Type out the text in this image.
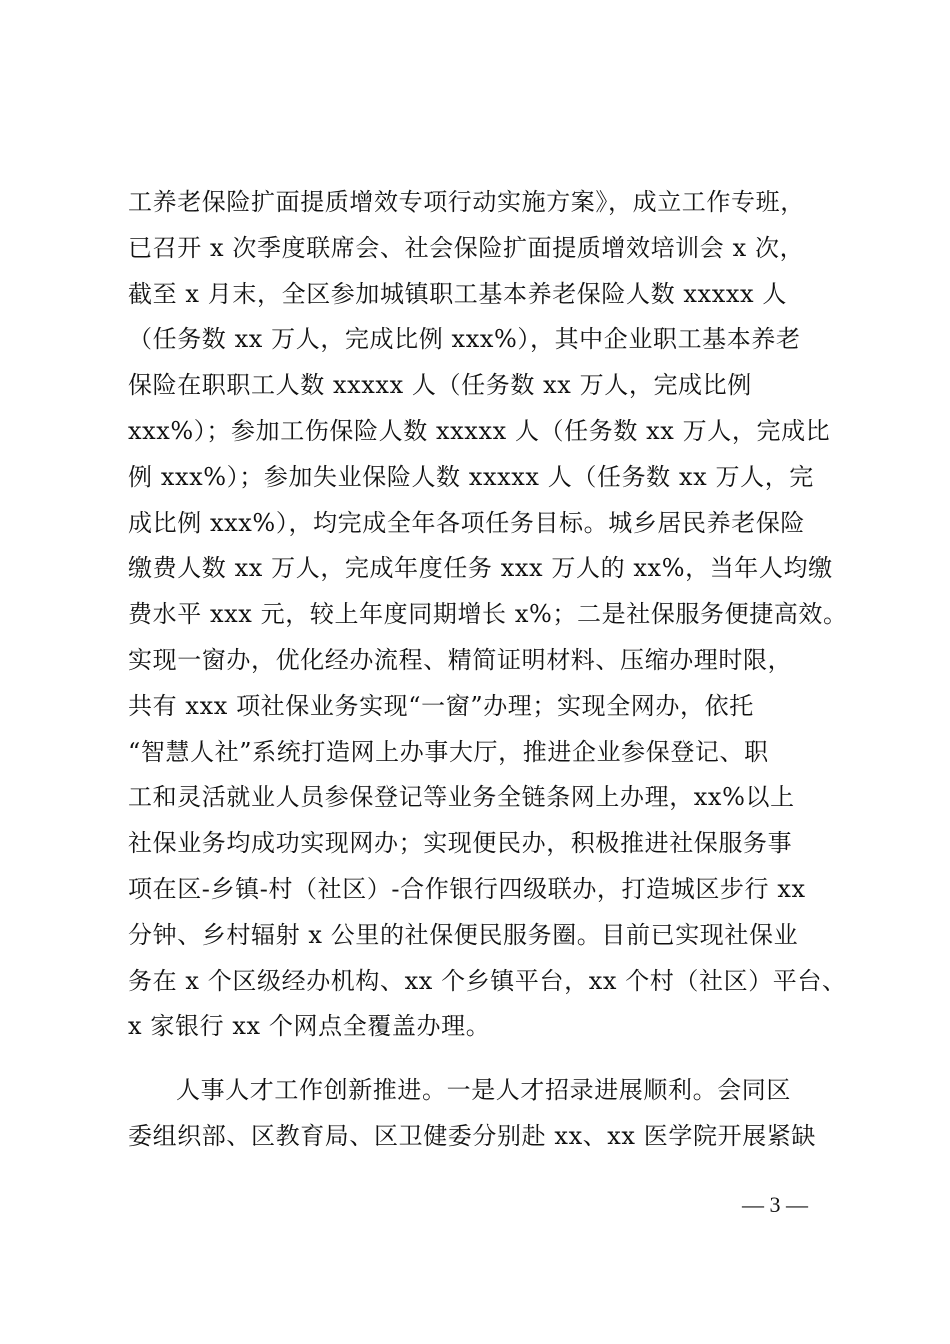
工养老保险扩面提质增效专项行动实施方案》，成立工作专班，
已召开 x 次季度联席会、社会保险扩面提质增效培训会 x 次，
截至 x 月末，全区参加城镇职工基本养老保险人数 xxxxx 人
（任务数 xx 万人，完成比例 xxx%），其中企业职工基本养老
保险在职职工人数 xxxxx 人（任务数 xx 万人，完成比例
xxx%）；参加工伤保险人数 xxxxx 人（任务数 xx 万人，完成比
例 xxx%）；参加失业保险人数 xxxxx 人（任务数 xx 万人，完
成比例 xxx%），均完成全年各项任务目标。城乡居民养老保险
缴费人数 xx 万人，完成年度任务 xxx 万人的 xx%，当年人均缴
费水平 xxx 元，较上年度同期增长 x%；二是社保服务便捷高效。
实现一窗办，优化经办流程、精简证明材料、压缩办理时限，
共有 xxx 项社保业务实现“一窗”办理；实现全网办，依托
“智慧人社”系统打造网上办事大厅，推进企业参保登记、职
工和灵活就业人员参保登记等业务全链条网上办理，xx%以上
社保业务均成功实现网办；实现便民办，积极推进社保服务事
项在区-乡镇-村（社区）-合作银行四级联办，打造城区步行 xx
分钟、乡村辐射 x 公里的社保便民服务圈。目前已实现社保业
务在 x 个区级经办机构、xx 个乡镇平台，xx 个村（社区）平台、
x 家银行 xx 个网点全覆盖办理。
人事人才工作创新推进。一是人才招录进展顺利。会同区
委组织部、区教育局、区卫健委分别赴 xx、xx 医学院开展紧缺
— 3 —
